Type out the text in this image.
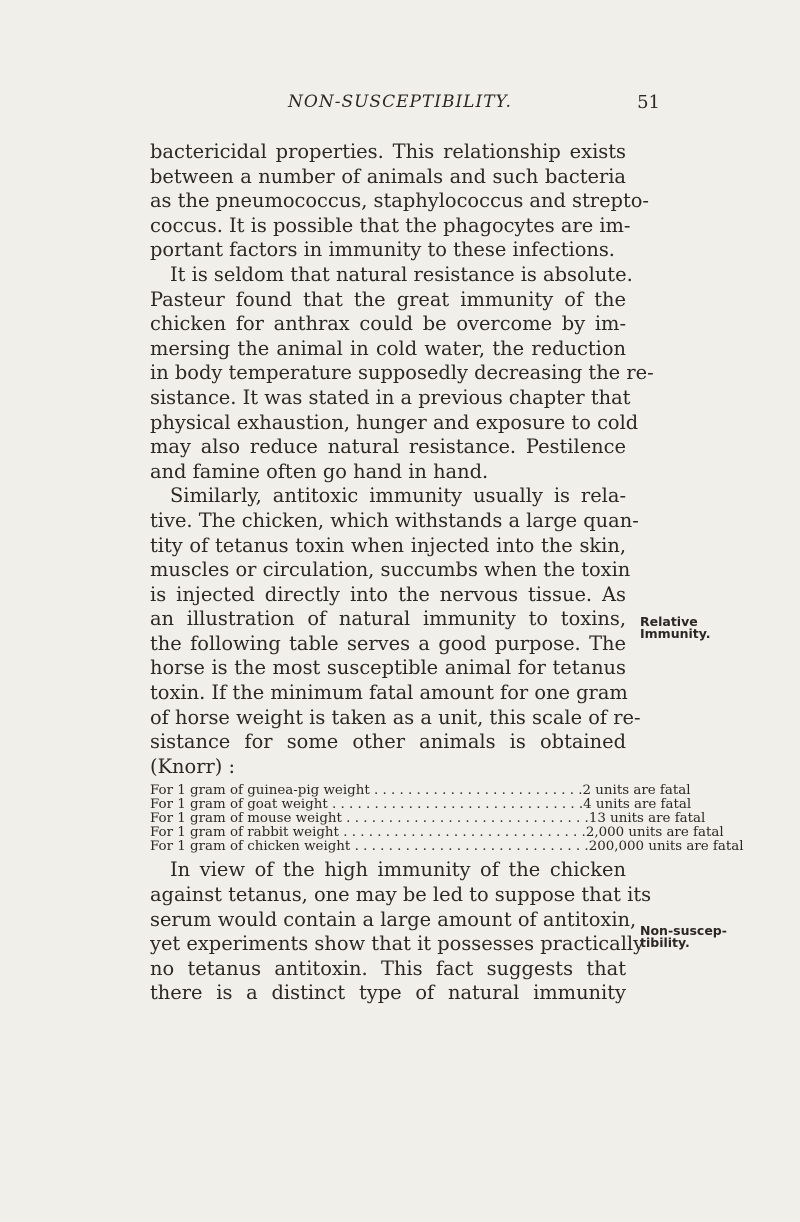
NON-SUSCEPTIBILITY.	51
bactericidal properties. This relationship exists
between a number of animals and such bacteria
as the pneumococcus, staphylococcus and strepto-
coccus. It is possible that the phagocytes are im-
portant factors in immunity to these infections.
It is seldom that natural resistance is absolute.
Pasteur found that the great immunity of the
chicken for anthrax could be overcome by im-
mersing the animal in cold water, the reduction
in body temperature supposedly decreasing the re-
sistance. It was stated in a previous chapter that
physical exhaustion, hunger and exposure to cold
may also reduce natural resistance. Pestilence
and famine often go hand in hand.
Similarly, antitoxic immunity usually is rela-
tive. The chicken, which withstands a large quan-
tity of tetanus toxin when injected into the skin,
muscles or circulation, succumbs when the toxin
is injected directly into the nervous tissue. As
an illustration of natural immunity to toxins,
the following table serves a good purpose. The
horse is the most susceptible animal for tetanus
toxin. If the minimum fatal amount for one gram
of horse weight is taken as a unit, this scale of re-
sistance for some other animals is obtained
(Knorr) :
For 1 gram of guinea-pig weight . . . . . . . . . . . . . . . . . . . . . . . . . 2 units are fatal
For 1 gram of goat weight . . . . . . . . . . . . . . . . . . . . . . . . . . . . . . 4 units are fatal
For 1 gram of mouse weight . . . . . . . . . . . . . . . . . . . . . . . . . . . . . 13 units are fatal
For 1 gram of rabbit weight . . . . . . . . . . . . . . . . . . . . . . . . . . . . . 2,000 units are fatal
For 1 gram of chicken weight . . . . . . . . . . . . . . . . . . . . . . . . . . . . 200,000 units are fatal
In view of the high immunity of the chicken
against tetanus, one may be led to suppose that its
serum would contain a large amount of antitoxin,
yet experiments show that it possesses practically
no tetanus antitoxin. This fact suggests that
there is a distinct type of natural immunity
Relative
Immunity.
Non-suscep-
tibility.
